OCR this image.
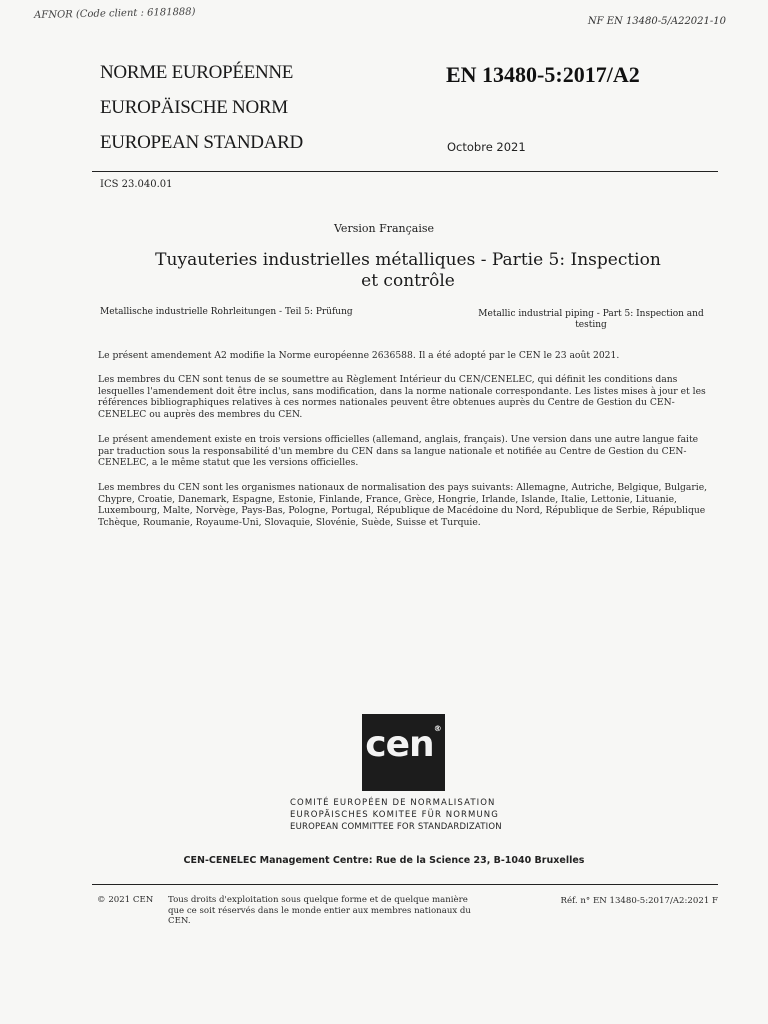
AFNOR (Code client : 6181888)
NF EN 13480-5/A22021-10
NORME EUROPÉENNE
EUROPÄISCHE NORM
EUROPEAN STANDARD
EN 13480-5:2017/A2
Octobre 2021
ICS 23.040.01
Version Française
Tuyauteries industrielles métalliques - Partie 5: Inspection
et contrôle
Metallische industrielle Rohrleitungen - Teil 5: Prüfung	Metallic industrial piping - Part 5: Inspection and
testing
Le présent amendement A2 modifie la Norme européenne 2636588. Il a été adopté par le CEN le 23 août 2021.
Les membres du CEN sont tenus de se soumettre au Règlement Intérieur du CEN/CENELEC, qui définit les conditions dans lesquelles l'amendement doit être inclus, sans modification, dans la norme nationale correspondante. Les listes mises à jour et les références bibliographiques relatives à ces normes nationales peuvent être obtenues auprès du Centre de Gestion du CEN-CENELEC ou auprès des membres du CEN.
Le présent amendement existe en trois versions officielles (allemand, anglais, français). Une version dans une autre langue faite par traduction sous la responsabilité d'un membre du CEN dans sa langue nationale et notifiée au Centre de Gestion du CEN-CENELEC, a le même statut que les versions officielles.
Les membres du CEN sont les organismes nationaux de normalisation des pays suivants: Allemagne, Autriche, Belgique, Bulgarie, Chypre, Croatie, Danemark, Espagne, Estonie, Finlande, France, Grèce, Hongrie, Irlande, Islande, Italie, Lettonie, Lituanie, Luxembourg, Malte, Norvège, Pays-Bas, Pologne, Portugal, République de Macédoine du Nord, République de Serbie, République Tchèque, Roumanie, Royaume-Uni, Slovaquie, Slovénie, Suède, Suisse et Turquie.
cen®
COMITÉ EUROPÉEN DE NORMALISATION
EUROPÄISCHES KOMITEE FÜR NORMUNG
EUROPEAN COMMITTEE FOR STANDARDIZATION
CEN-CENELEC Management Centre: Rue de la Science 23, B-1040 Bruxelles
© 2021 CEN Tous droits d'exploitation sous quelque forme et de quelque manière
que ce soit réservés dans le monde entier aux membres nationaux du
CEN.
Réf. n° EN 13480-5:2017/A2:2021 F
